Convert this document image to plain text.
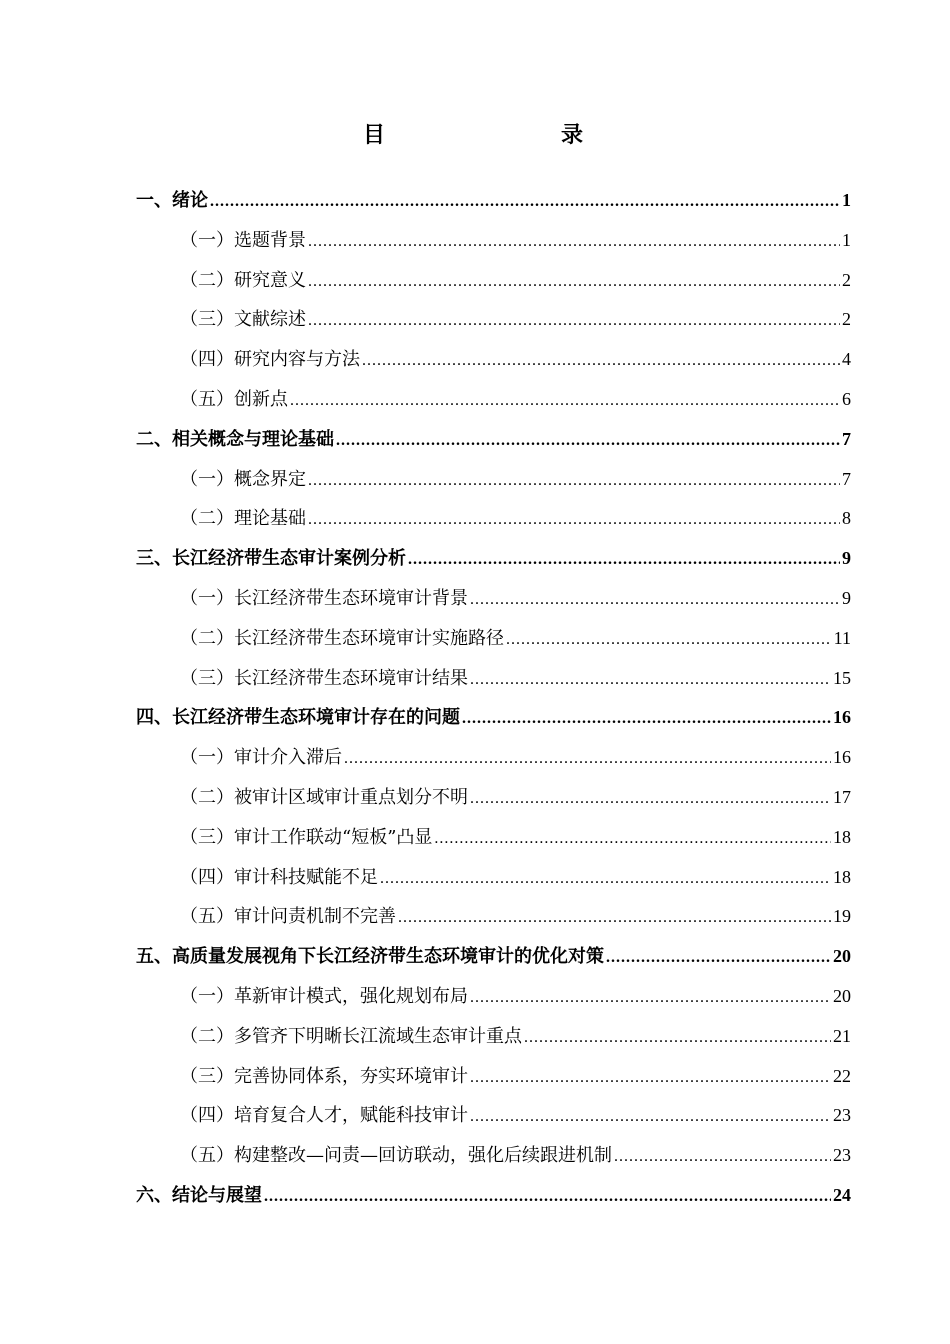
目　　录
一、绪论 .....	1
（一）选题背景 .....	1
（二）研究意义 .....	2
（三）文献综述 .....	2
（四）研究内容与方法 .....	4
（五）创新点 .....	6
二、相关概念与理论基础 .....	7
（一）概念界定 .....	7
（二）理论基础 .....	8
三、长江经济带生态审计案例分析 .....	9
（一）长江经济带生态环境审计背景 .....	9
（二）长江经济带生态环境审计实施路径 .....	11
（三）长江经济带生态环境审计结果 .....	15
四、长江经济带生态环境审计存在的问题 .....	16
（一）审计介入滞后 .....	16
（二）被审计区域审计重点划分不明 .....	17
（三）审计工作联动“短板”凸显 .....	18
（四）审计科技赋能不足 .....	18
（五）审计问责机制不完善 .....	19
五、高质量发展视角下长江经济带生态环境审计的优化对策 .....	20
（一）革新审计模式，强化规划布局 .....	20
（二）多管齐下明晰长江流域生态审计重点 .....	21
（三）完善协同体系，夯实环境审计 .....	22
（四）培育复合人才，赋能科技审计 .....	23
（五）构建整改—问责—回访联动，强化后续跟进机制 .....	23
六、结论与展望 .....	24
